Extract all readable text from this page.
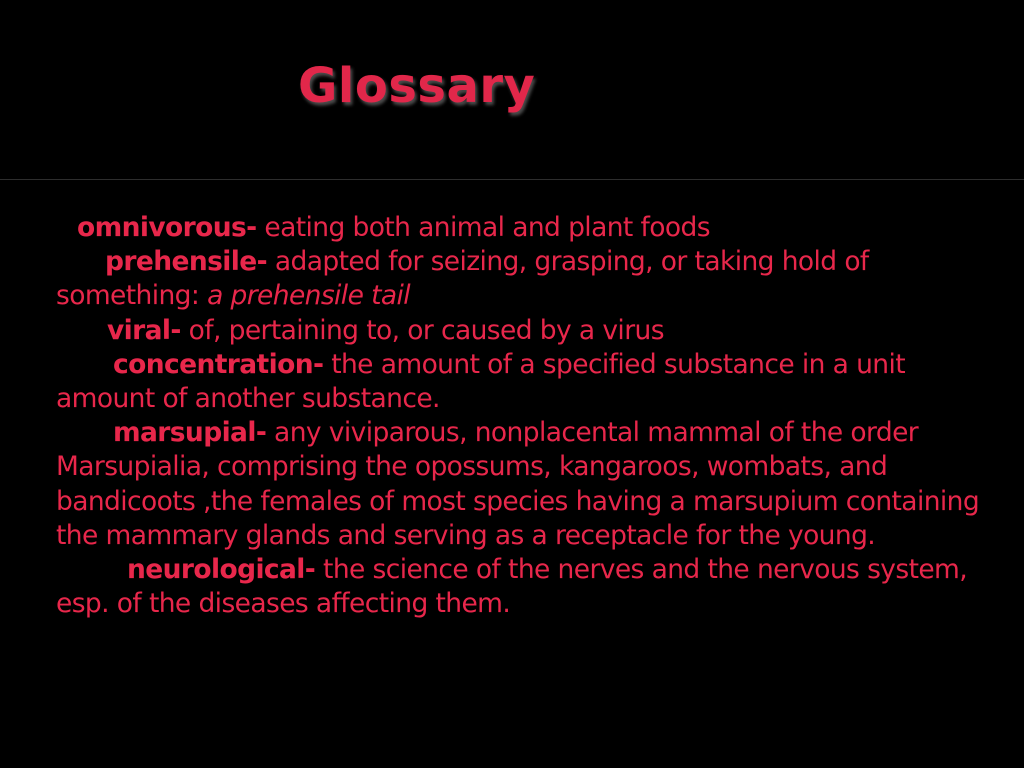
Glossary

omnivorous- eating both animal and plant foods

prehensile- adapted for seizing, grasping, or taking hold of something: a prehensile tail

viral- of, pertaining to, or caused by a virus

concentration- the amount of a specified substance in a unit amount of another substance.

marsupial- any viviparous, nonplacental mammal of the order Marsupialia, comprising the opossums, kangaroos, wombats, and bandicoots ,the females of most species having a marsupium containing the mammary glands and serving as a receptacle for the young.

neurological- the science of the nerves and the nervous system, esp. of the diseases affecting them.
